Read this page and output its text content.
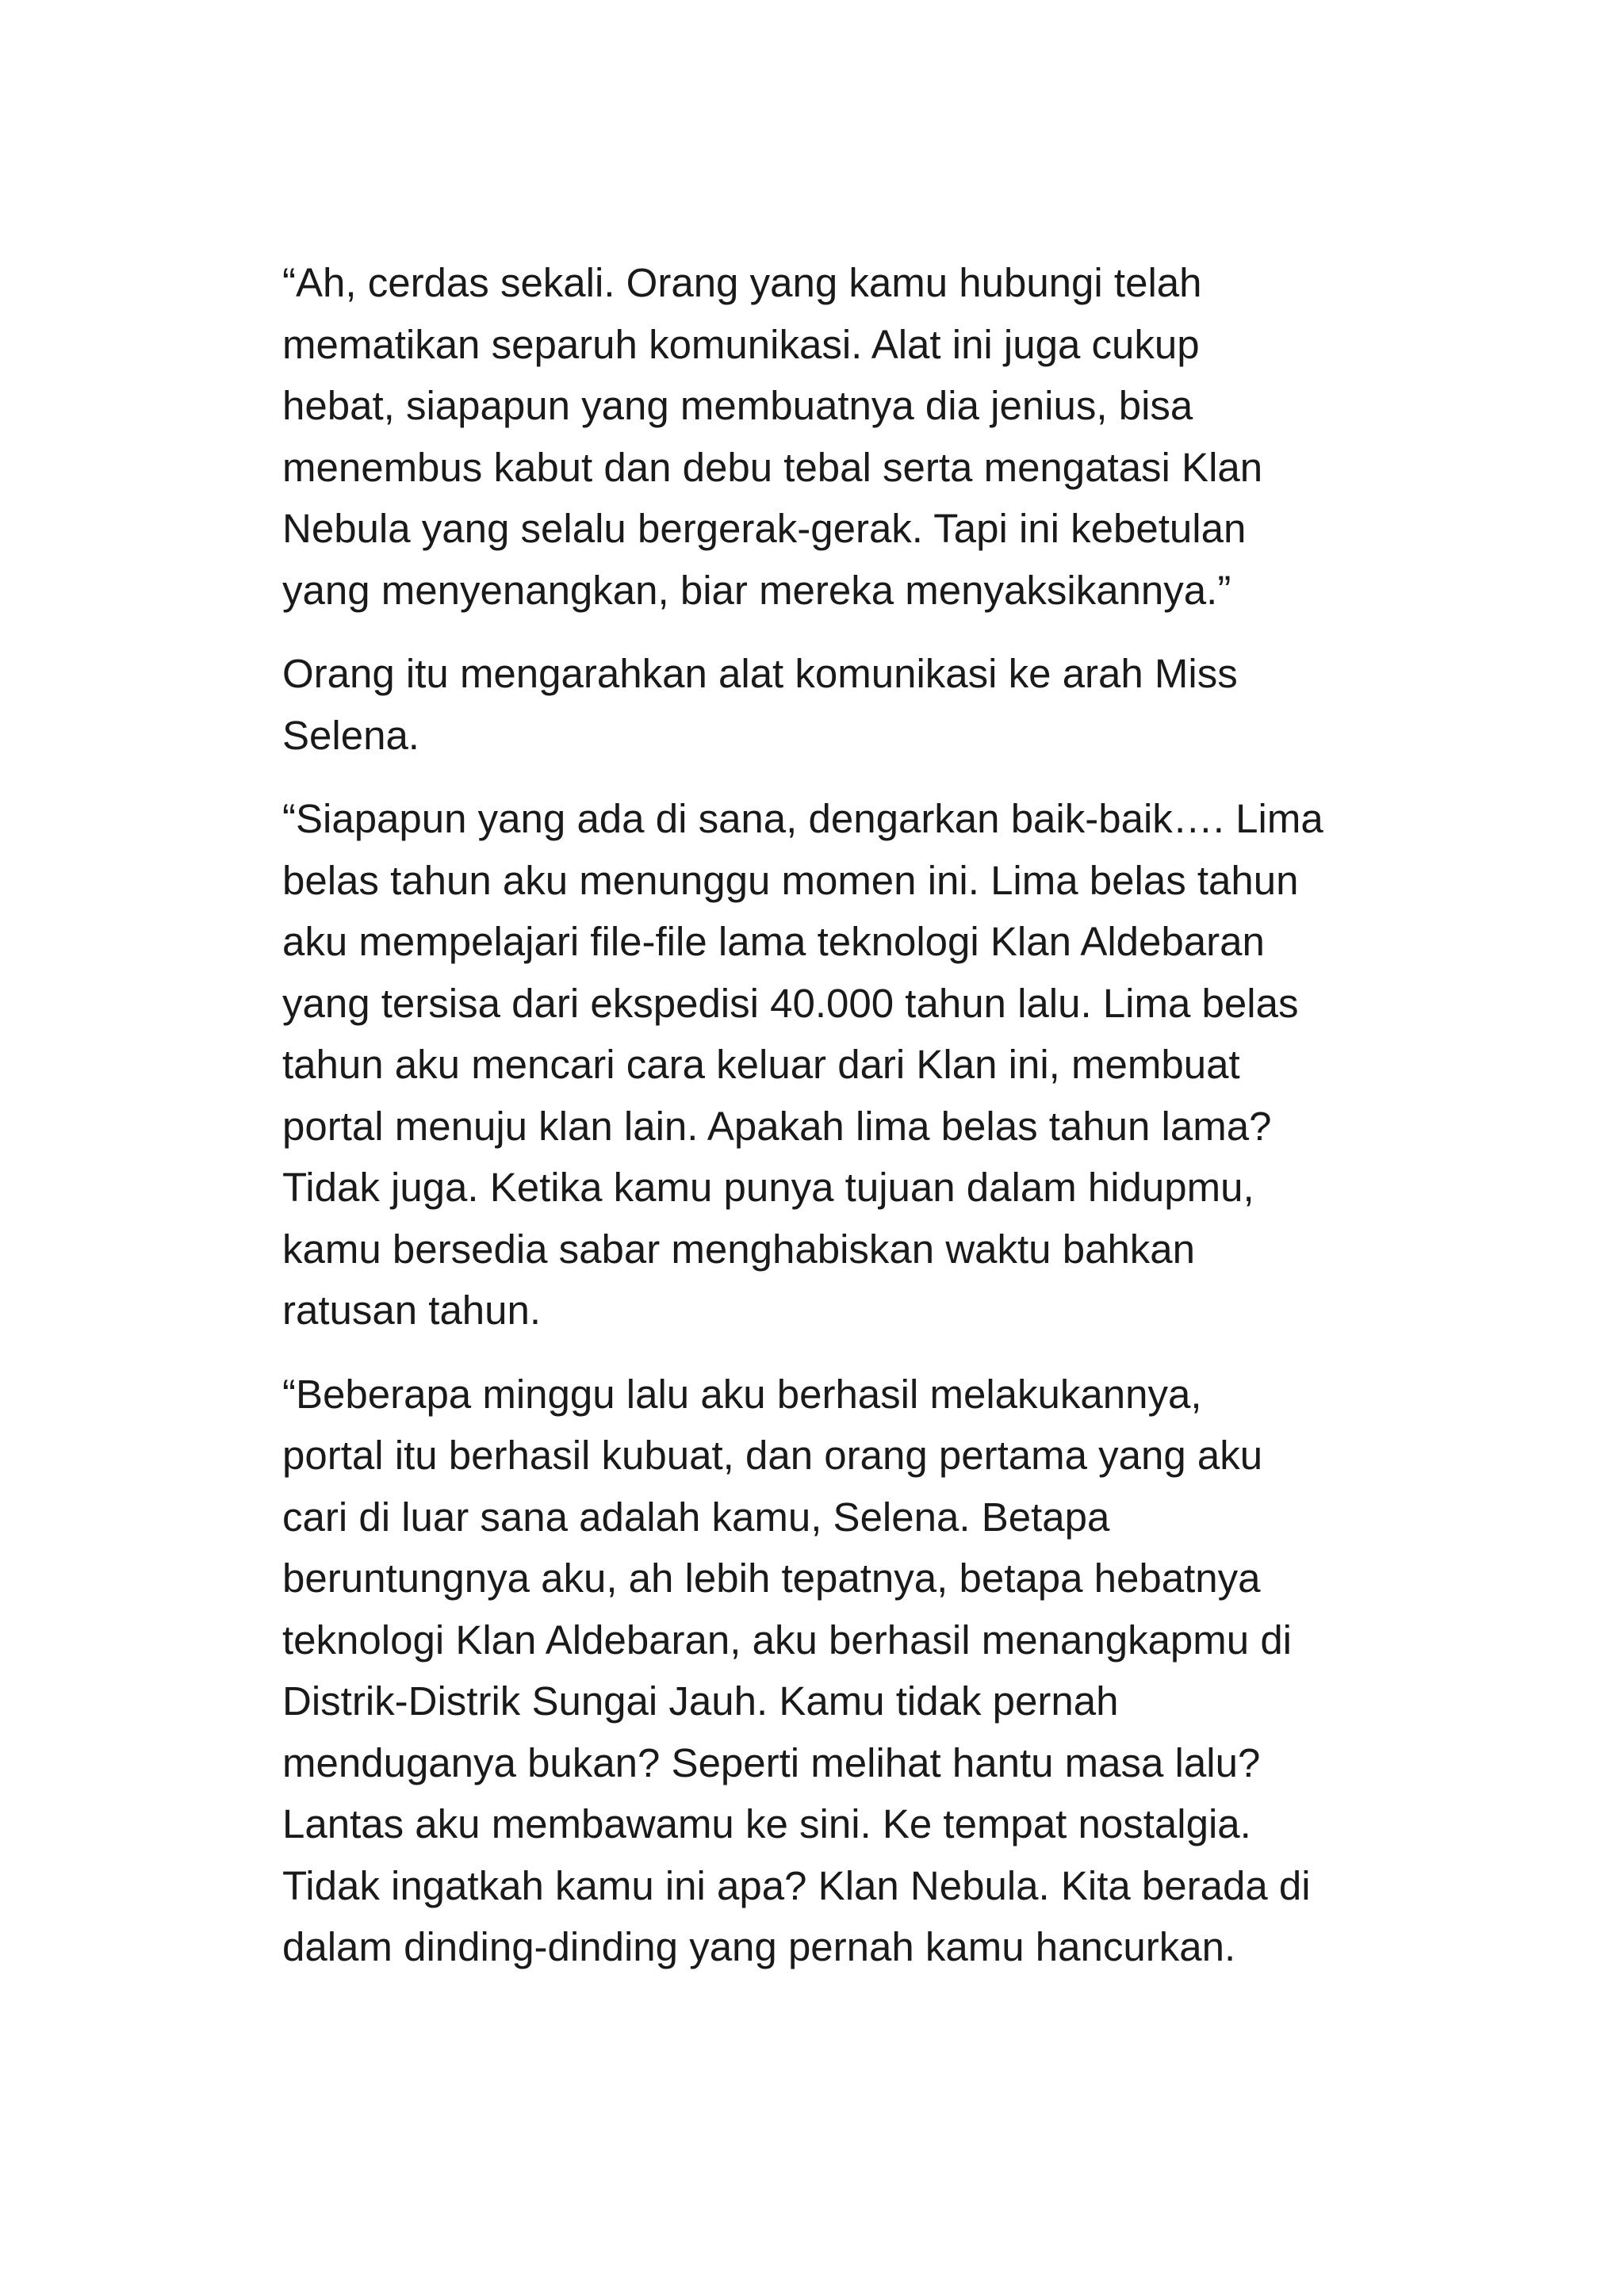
“Ah, cerdas sekali. Orang yang kamu hubungi telah
mematikan separuh komunikasi. Alat ini juga cukup
hebat, siapapun yang membuatnya dia jenius, bisa
menembus kabut dan debu tebal serta mengatasi Klan
Nebula yang selalu bergerak-gerak. Tapi ini kebetulan
yang menyenangkan, biar mereka menyaksikannya.”

Orang itu mengarahkan alat komunikasi ke arah Miss
Selena.

“Siapapun yang ada di sana, dengarkan baik-baik…. Lima
belas tahun aku menunggu momen ini. Lima belas tahun
aku mempelajari file-file lama teknologi Klan Aldebaran
yang tersisa dari ekspedisi 40.000 tahun lalu. Lima belas
tahun aku mencari cara keluar dari Klan ini, membuat
portal menuju klan lain. Apakah lima belas tahun lama?
Tidak juga. Ketika kamu punya tujuan dalam hidupmu,
kamu bersedia sabar menghabiskan waktu bahkan
ratusan tahun.

“Beberapa minggu lalu aku berhasil melakukannya,
portal itu berhasil kubuat, dan orang pertama yang aku
cari di luar sana adalah kamu, Selena. Betapa
beruntungnya aku, ah lebih tepatnya, betapa hebatnya
teknologi Klan Aldebaran, aku berhasil menangkapmu di
Distrik-Distrik Sungai Jauh. Kamu tidak pernah
menduganya bukan? Seperti melihat hantu masa lalu?
Lantas aku membawamu ke sini. Ke tempat nostalgia.
Tidak ingatkah kamu ini apa? Klan Nebula. Kita berada di
dalam dinding-dinding yang pernah kamu hancurkan.
